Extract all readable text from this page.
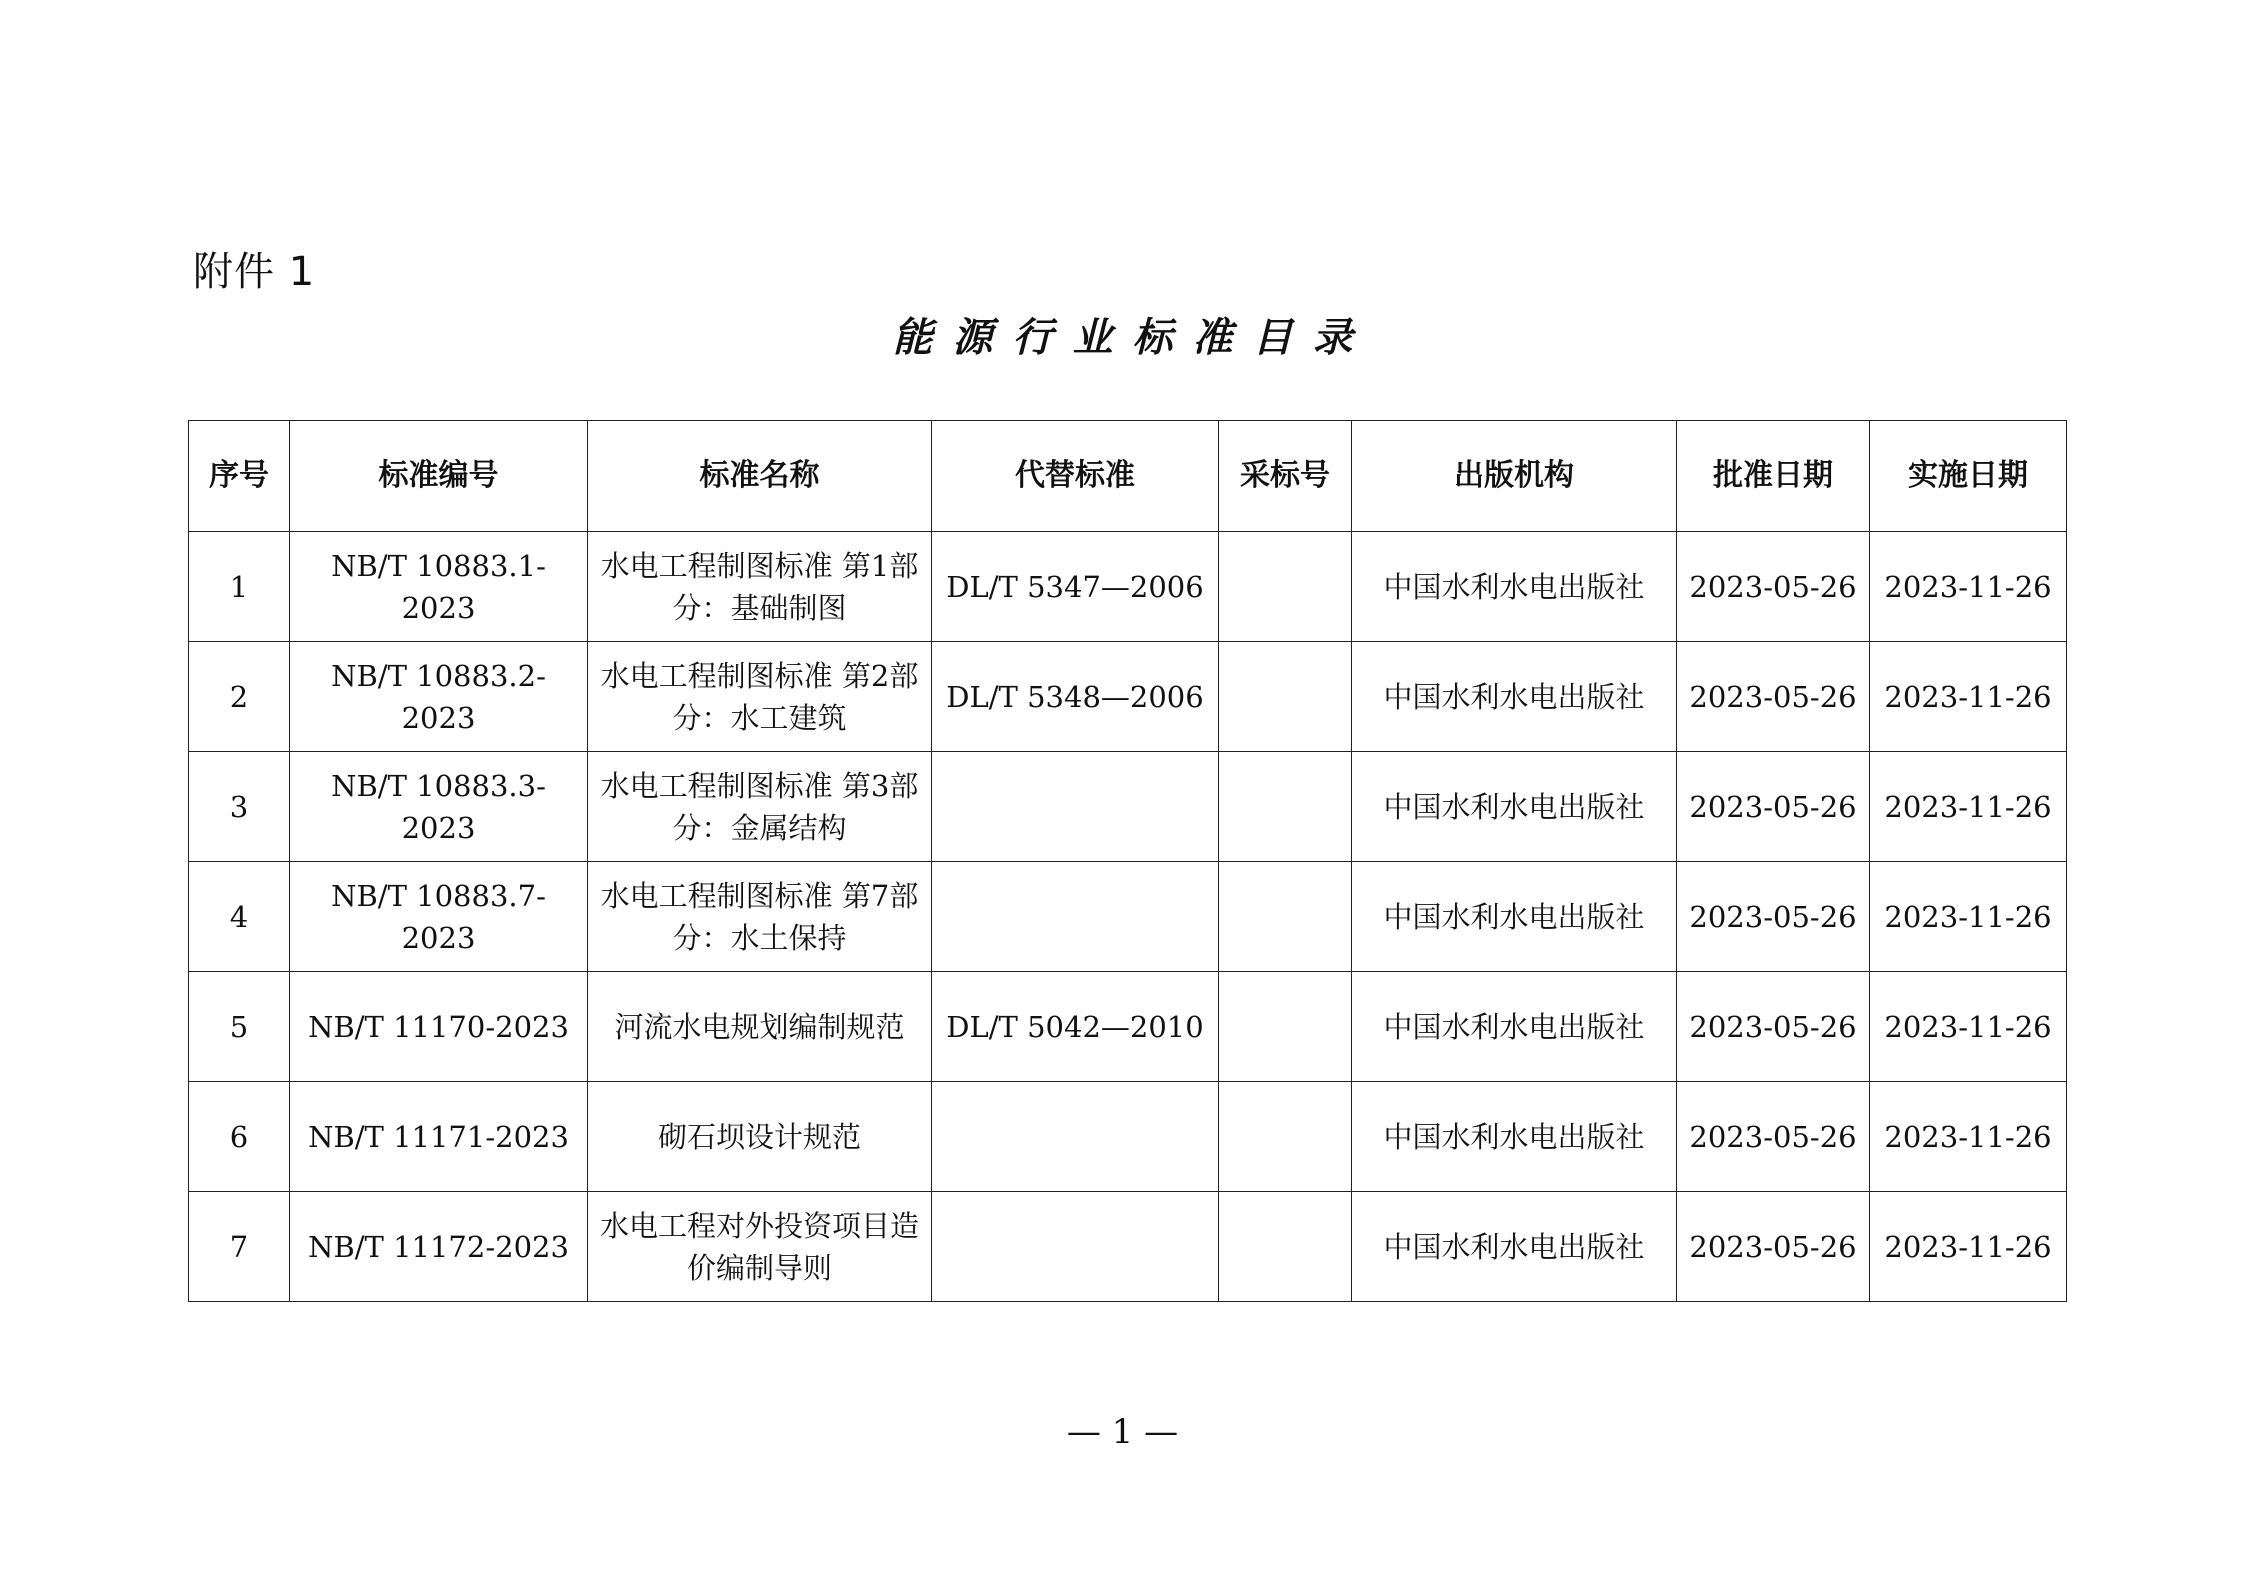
附件 1
能源行业标准目录
序号	标准编号	标准名称	代替标准	采标号	出版机构	批准日期	实施日期
1	NB/T 10883.1-2023	水电工程制图标准 第1部分：基础制图	DL/T 5347—2006		中国水利水电出版社	2023-05-26	2023-11-26
2	NB/T 10883.2-2023	水电工程制图标准 第2部分：水工建筑	DL/T 5348—2006		中国水利水电出版社	2023-05-26	2023-11-26
3	NB/T 10883.3-2023	水电工程制图标准 第3部分：金属结构			中国水利水电出版社	2023-05-26	2023-11-26
4	NB/T 10883.7-2023	水电工程制图标准 第7部分：水土保持			中国水利水电出版社	2023-05-26	2023-11-26
5	NB/T 11170-2023	河流水电规划编制规范	DL/T 5042—2010		中国水利水电出版社	2023-05-26	2023-11-26
6	NB/T 11171-2023	砌石坝设计规范			中国水利水电出版社	2023-05-26	2023-11-26
7	NB/T 11172-2023	水电工程对外投资项目造价编制导则			中国水利水电出版社	2023-05-26	2023-11-26
— 1 —
